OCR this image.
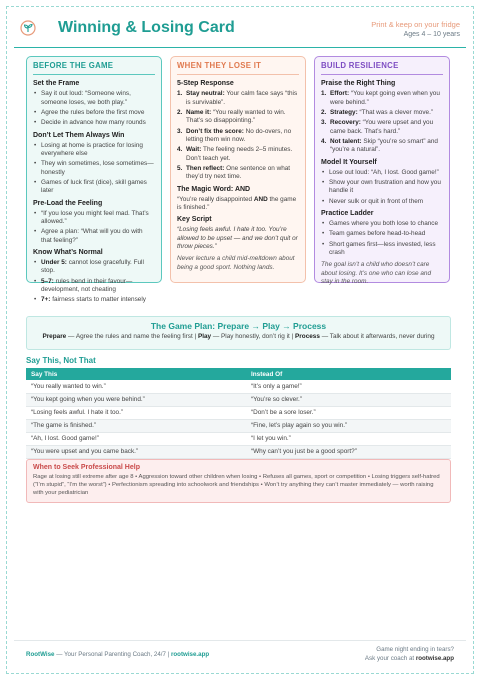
Winning & Losing Card	Print & keep on your fridge
Ages 4 – 10 years
BEFORE THE GAME
Set the Frame
• Say it out loud: “Someone wins, someone loses, we both play.”
• Agree the rules before the first move
• Decide in advance how many rounds
Don’t Let Them Always Win
• Losing at home is practice for losing everywhere else
• They win sometimes, lose sometimes—honestly
• Games of luck first (dice), skill games later
Pre-Load the Feeling
• “If you lose you might feel mad. That’s allowed.”
• Agree a plan: “What will you do with that feeling?”
Know What’s Normal
• Under 5: cannot lose gracefully. Full stop.
• 5–7: rules bend in their favour—development, not cheating
• 7+: fairness starts to matter intensely
WHEN THEY LOSE IT
5-Step Response
1. Stay neutral: Your calm face says “this is survivable”.
2. Name it: “You really wanted to win. That’s so disappointing.”
3. Don’t fix the score: No do-overs, no letting them win now.
4. Wait: The feeling needs 2–5 minutes. Don’t teach yet.
5. Then reflect: One sentence on what they’d try next time.
The Magic Word: AND
“You’re really disappointed AND the game is finished.”
Key Script
“Losing feels awful. I hate it too. You’re allowed to be upset — and we don’t quit or throw pieces.”
Never lecture a child mid-meltdown about being a good sport. Nothing lands.
BUILD RESILIENCE
Praise the Right Thing
1. Effort: “You kept going even when you were behind.”
2. Strategy: “That was a clever move.”
3. Recovery: “You were upset and you came back. That’s hard.”
4. Not talent: Skip “you’re so smart” and “you’re a natural”.
Model It Yourself
• Lose out loud: “Ah, I lost. Good game!”
• Show your own frustration and how you handle it
• Never sulk or quit in front of them
Practice Ladder
• Games where you both lose to chance
• Team games before head-to-head
• Short games first—less invested, less crash
The goal isn’t a child who doesn’t care about losing. It’s one who can lose and stay in the room.
The Game Plan: Prepare → Play → Process
Prepare — Agree the rules and name the feeling first | Play — Play honestly, don’t rig it | Process — Talk about it afterwards, never during
Say This, Not That
Say This	Instead Of
“You really wanted to win.”	“It’s only a game!”
“You kept going when you were behind.”	“You’re so clever.”
“Losing feels awful. I hate it too.”	“Don’t be a sore loser.”
“The game is finished.”	“Fine, let’s play again so you win.”
“Ah, I lost. Good game!”	“I let you win.”
“You were upset and you came back.”	“Why can’t you just be a good sport?”
When to Seek Professional Help
Rage at losing still extreme after age 8 • Aggression toward other children when losing • Refuses all games, sport or competition • Losing triggers self-hatred (“I’m stupid”, “I’m the worst”) • Perfectionism spreading into schoolwork and friendships • Won’t try anything they can’t master immediately — worth raising with your pediatrician
RootWise — Your Personal Parenting Coach, 24/7 | rootwise.app
Game night ending in tears?
Ask your coach at rootwise.app
